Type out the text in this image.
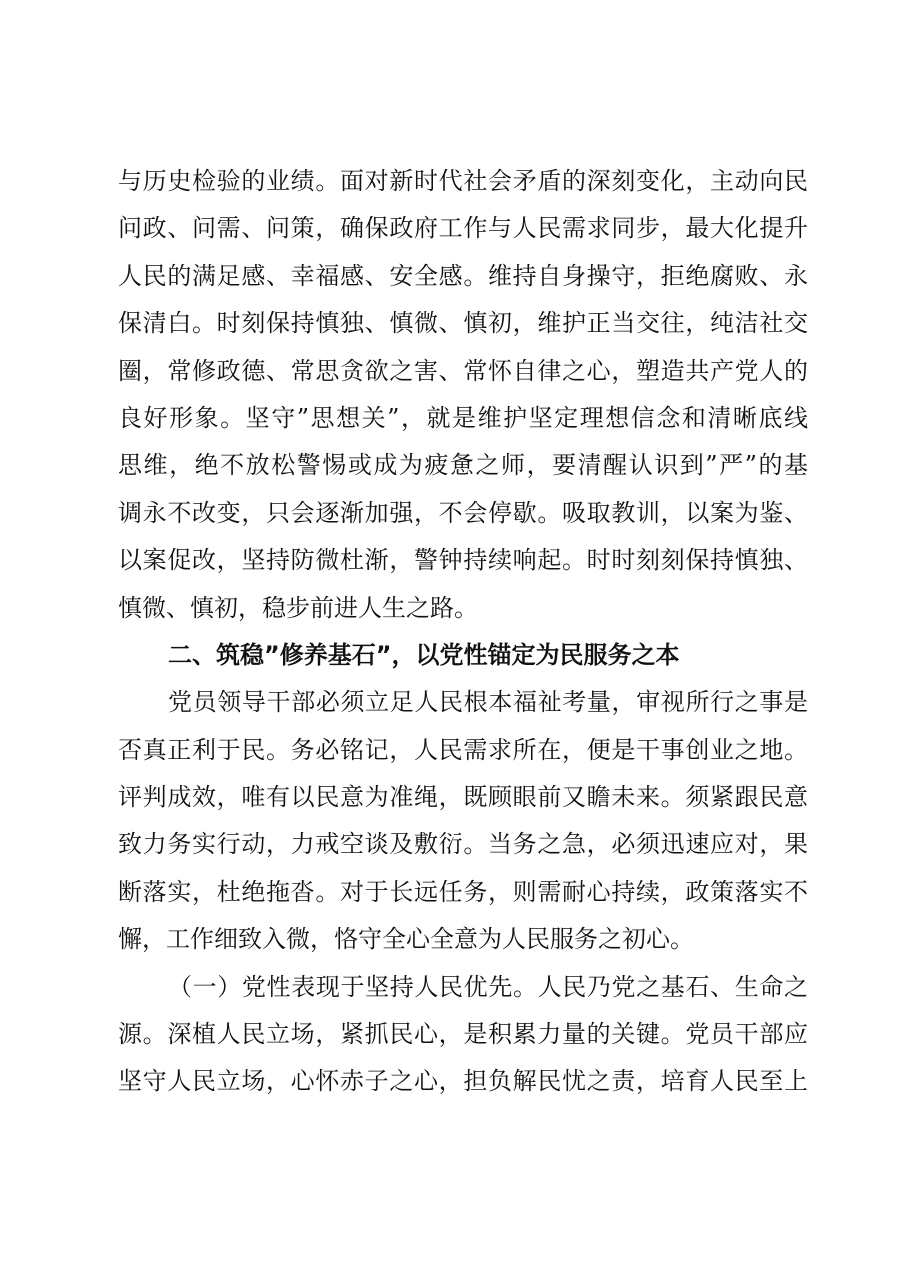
与历史检验的业绩。面对新时代社会矛盾的深刻变化，主动向民
问政、问需、问策，确保政府工作与人民需求同步，最大化提升
人民的满足感、幸福感、安全感。维持自身操守，拒绝腐败、永
保清白。时刻保持慎独、慎微、慎初，维护正当交往，纯洁社交
圈，常修政德、常思贪欲之害、常怀自律之心，塑造共产党人的
良好形象。坚守”思想关”，就是维护坚定理想信念和清晰底线
思维，绝不放松警惕或成为疲惫之师，要清醒认识到”严”的基
调永不改变，只会逐渐加强，不会停歇。吸取教训，以案为鉴、
以案促改，坚持防微杜渐，警钟持续响起。时时刻刻保持慎独、
慎微、慎初，稳步前进人生之路。
二、筑稳”修养基石”，以党性锚定为民服务之本
党员领导干部必须立足人民根本福祉考量，审视所行之事是
否真正利于民。务必铭记，人民需求所在，便是干事创业之地。
评判成效，唯有以民意为准绳，既顾眼前又瞻未来。须紧跟民意
致力务实行动，力戒空谈及敷衍。当务之急，必须迅速应对，果
断落实，杜绝拖沓。对于长远任务，则需耐心持续，政策落实不
懈，工作细致入微，恪守全心全意为人民服务之初心。
（一）党性表现于坚持人民优先。人民乃党之基石、生命之
源。深植人民立场，紧抓民心，是积累力量的关键。党员干部应
坚守人民立场，心怀赤子之心，担负解民忧之责，培育人民至上
